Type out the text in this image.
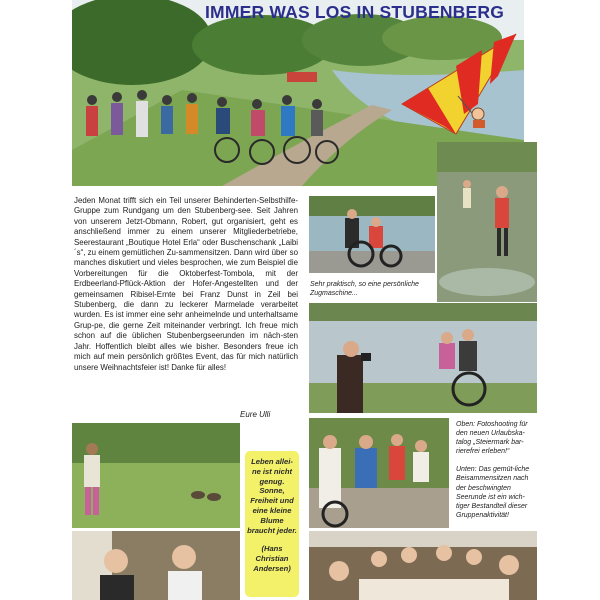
IMMER WAS LOS IN STUBENBERG
Jeden Monat trifft sich ein Teil unserer Behinderten-Selbsthilfe-Gruppe zum Rundgang um den Stubenberg-see. Seit Jahren von unserem Jetzt-Obmann, Robert, gut organisiert, geht es anschließend immer zu einem unserer Mitgliederbetriebe, Seerestaurant „Boutique Hotel Erla“ oder Buschenschank „Laibi´s“, zu einem gemütlichen Zu-sammensitzen. Dann wird über so manches diskutiert und vieles besprochen, wie zum Beispiel die Vorbereitungen für die Oktoberfest-Tombola, mit der Erdbeerland-Pflück-Aktion der Hofer-Angestellten und der gemeinsamen Ribisel-Ernte bei Franz Dunst in Zeil bei Stubenberg, die dann zu leckerer Marmelade verarbeitet wurden. Es ist immer eine sehr anheimelnde und unterhaltsame Grup-pe, die gerne Zeit miteinander verbringt. Ich freue mich schon auf die üblichen Stubenbergseerunden im näch-sten Jahr. Hoffentlich bleibt alles wie bisher. Besonders freue ich mich auf mein persönlich größtes Event, das für mich natürlich unsere Weihnachtsfeier ist! Danke für alles!
Eure Ulli
Sehr praktisch, so eine persönliche Zugmaschine...
Oben: Fotoshooting für den neuen Urlaubska-talog „Steiermark bar-rierefrei erleben!“
Unten: Das gemüt-liche Beisammensitzen nach der beschwingten Seerunde ist ein wich-tiger Bestandteil dieser Gruppenaktivität!
Leben allei-ne ist nicht genug. Sonne, Freiheit und eine kleine Blume braucht jeder.
(Hans Christian Andersen)
